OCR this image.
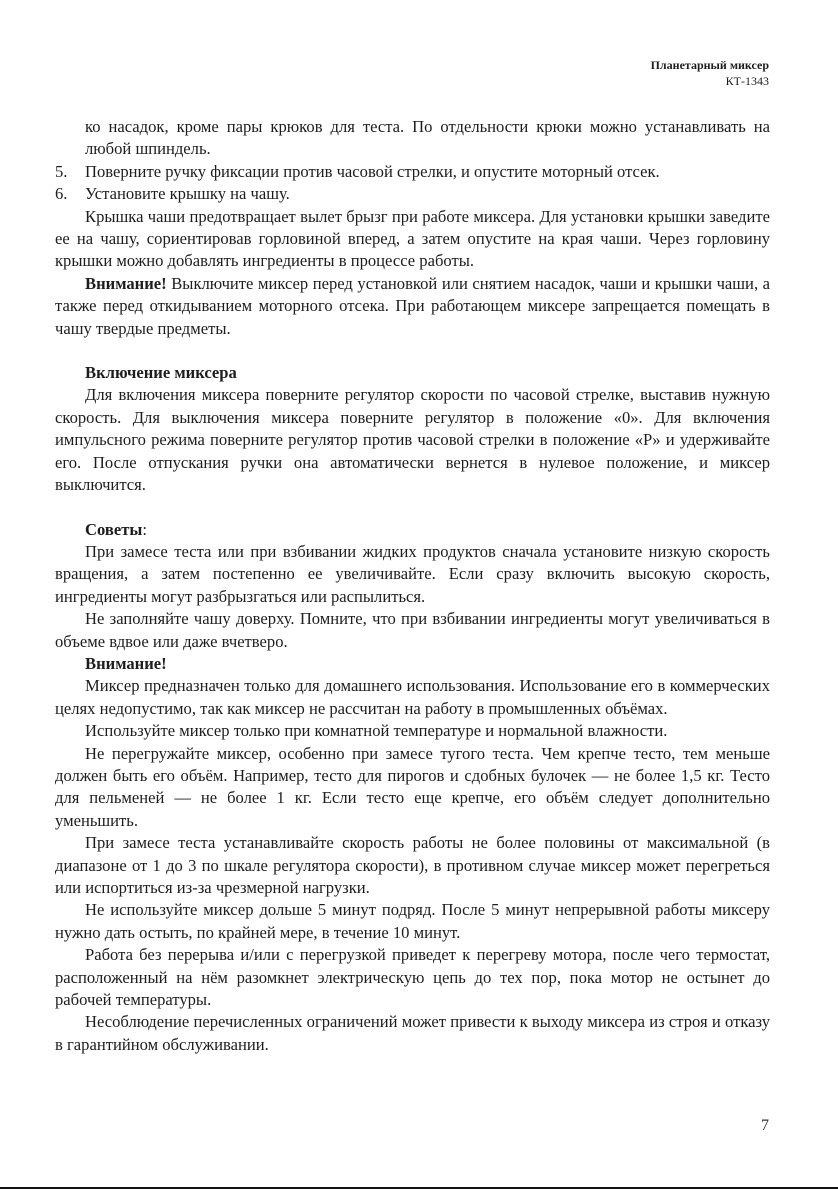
Планетарный миксер
КТ-1343

ко насадок, кроме пары крюков для теста. По отдельности крюки можно устанавливать на любой шпиндель.

5. Поверните ручку фиксации против часовой стрелки, и опустите моторный отсек.

6. Установите крышку на чашу.

Крышка чаши предотвращает вылет брызг при работе миксера. Для установки крышки заведите ее на чашу, сориентировав горловиной вперед, а затем опустите на края чаши. Через горловину крышки можно добавлять ингредиенты в процессе работы.

Внимание! Выключите миксер перед установкой или снятием насадок, чаши и крышки чаши, а также перед откидыванием моторного отсека. При работающем миксере запрещается помещать в чашу твердые предметы.

Включение миксера

Для включения миксера поверните регулятор скорости по часовой стрелке, выставив нужную скорость. Для выключения миксера поверните регулятор в положение «0». Для включения импульсного режима поверните регулятор против часовой стрелки в положение «P» и удерживайте его. После отпускания ручки она автоматически вернется в нулевое положение, и миксер выключится.

Советы:

При замесе теста или при взбивании жидких продуктов сначала установите низкую скорость вращения, а затем постепенно ее увеличивайте. Если сразу включить высокую скорость, ингредиенты могут разбрызгаться или распылиться.

Не заполняйте чашу доверху. Помните, что при взбивании ингредиенты могут увеличиваться в объеме вдвое или даже вчетверо.

Внимание!

Миксер предназначен только для домашнего использования. Использование его в коммерческих целях недопустимо, так как миксер не рассчитан на работу в промышленных объёмах.

Используйте миксер только при комнатной температуре и нормальной влажности.

Не перегружайте миксер, особенно при замесе тугого теста. Чем крепче тесто, тем меньше должен быть его объём. Например, тесто для пирогов и сдобных булочек — не более 1,5 кг. Тесто для пельменей — не более 1 кг. Если тесто еще крепче, его объём следует дополнительно уменьшить.

При замесе теста устанавливайте скорость работы не более половины от максимальной (в диапазоне от 1 до 3 по шкале регулятора скорости), в противном случае миксер может перегреться или испортиться из-за чрезмерной нагрузки.

Не используйте миксер дольше 5 минут подряд. После 5 минут непрерывной работы миксеру нужно дать остыть, по крайней мере, в течение 10 минут.

Работа без перерыва и/или с перегрузкой приведет к перегреву мотора, после чего термостат, расположенный на нём разомкнет электрическую цепь до тех пор, пока мотор не остынет до рабочей температуры.

Несоблюдение перечисленных ограничений может привести к выходу миксера из строя и отказу в гарантийном обслуживании.

7
